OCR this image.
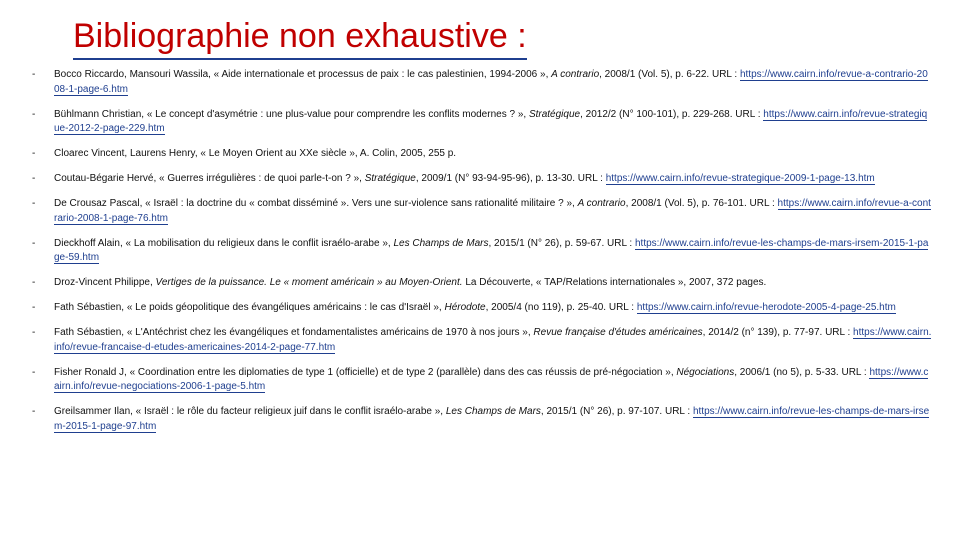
Bibliographie non exhaustive :
- Bocco Riccardo, Mansouri Wassila, « Aide internationale et processus de paix : le cas palestinien, 1994-2006 », A contrario, 2008/1 (Vol. 5), p. 6-22. URL : https://www.cairn.info/revue-a-contrario-2008-1-page-6.htm
- Bühlmann Christian, « Le concept d'asymétrie : une plus-value pour comprendre les conflits modernes ? », Stratégique, 2012/2 (N° 100-101), p. 229-268. URL : https://www.cairn.info/revue-strategique-2012-2-page-229.htm
- Cloarec Vincent, Laurens Henry, « Le Moyen Orient au XXe siècle », A. Colin, 2005, 255 p.
- Coutau-Bégarie Hervé, « Guerres irrégulières : de quoi parle-t-on ? », Stratégique, 2009/1 (N° 93-94-95-96), p. 13-30. URL : https://www.cairn.info/revue-strategique-2009-1-page-13.htm
- De Crousaz Pascal, « Israël : la doctrine du « combat disséminé ». Vers une sur-violence sans rationalité militaire ? », A contrario, 2008/1 (Vol. 5), p. 76-101. URL : https://www.cairn.info/revue-a-contrario-2008-1-page-76.htm
- Dieckhoff Alain, « La mobilisation du religieux dans le conflit israélo-arabe », Les Champs de Mars, 2015/1 (N° 26), p. 59-67. URL : https://www.cairn.info/revue-les-champs-de-mars-irsem-2015-1-page-59.htm
- Droz-Vincent Philippe, Vertiges de la puissance. Le « moment américain » au Moyen-Orient. La Découverte, « TAP/Relations internationales », 2007, 372 pages.
- Fath Sébastien, « Le poids géopolitique des évangéliques américains : le cas d'Israël », Hérodote, 2005/4 (no 119), p. 25-40. URL : https://www.cairn.info/revue-herodote-2005-4-page-25.htm
- Fath Sébastien, « L'Antéchrist chez les évangéliques et fondamentalistes américains de 1970 à nos jours », Revue française d'études américaines, 2014/2 (n° 139), p. 77-97. URL : https://www.cairn.info/revue-francaise-d-etudes-americaines-2014-2-page-77.htm
- Fisher Ronald J, « Coordination entre les diplomaties de type 1 (officielle) et de type 2 (parallèle) dans des cas réussis de pré-négociation », Négociations, 2006/1 (no 5), p. 5-33. URL : https://www.cairn.info/revue-negociations-2006-1-page-5.htm
- Greilsammer Ilan, « Israël : le rôle du facteur religieux juif dans le conflit israélo-arabe », Les Champs de Mars, 2015/1 (N° 26), p. 97-107. URL : https://www.cairn.info/revue-les-champs-de-mars-irsem-2015-1-page-97.htm
